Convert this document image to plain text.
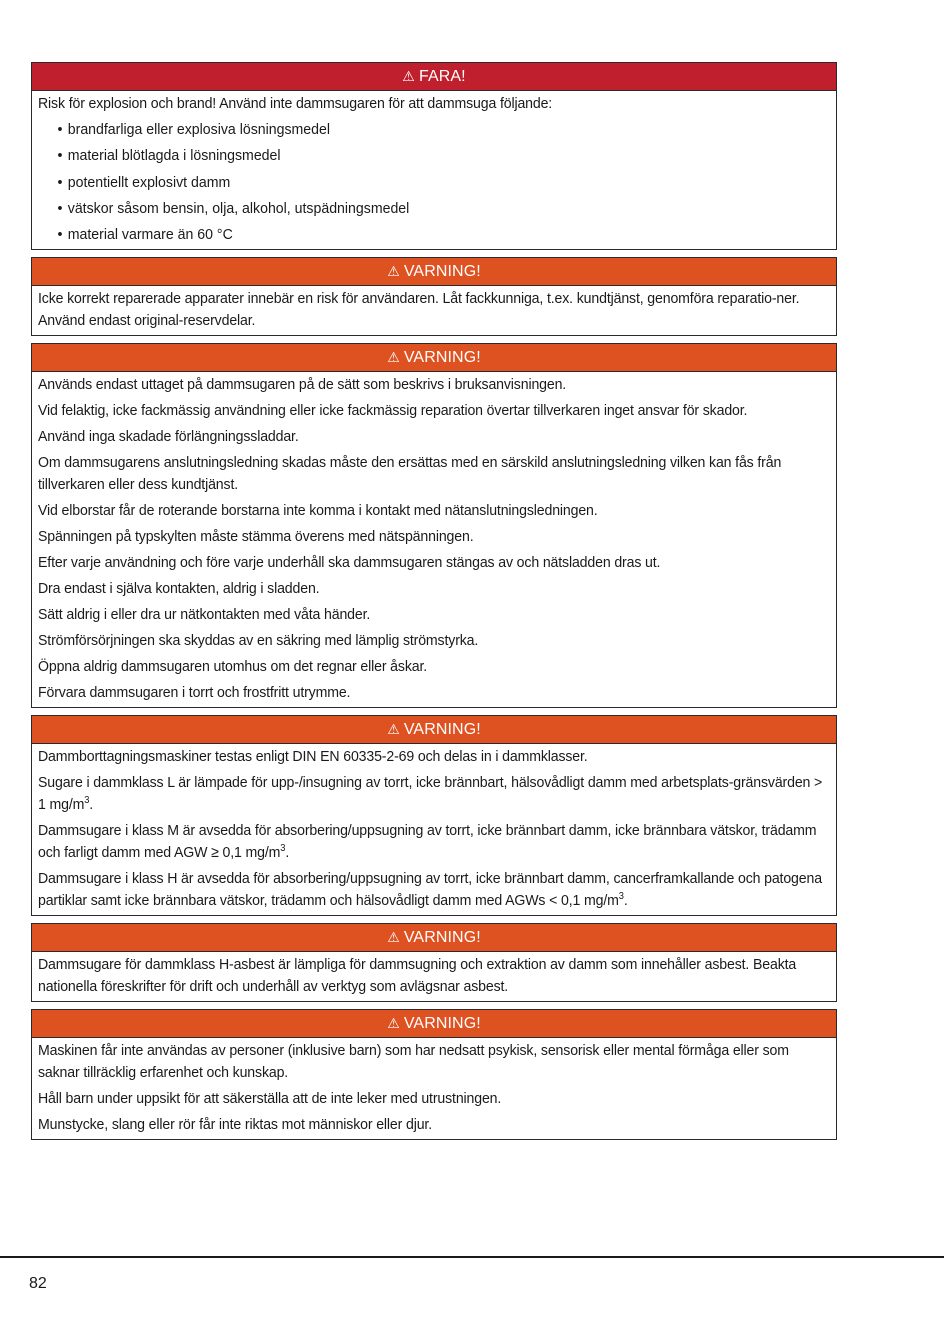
⚠ FARA!

Risk för explosion och brand! Använd inte dammsugaren för att dammsuga följande:

• brandfarliga eller explosiva lösningsmedel
• material blötlagda i lösningsmedel
• potentiellt explosivt damm
• vätskor såsom bensin, olja, alkohol, utspädningsmedel
• material varmare än 60 °C
⚠ VARNING!

Icke korrekt reparerade apparater innebär en risk för användaren. Låt fackkunniga, t.ex. kundtjänst, genomföra reparatio-ner. Använd endast original-reservdelar.

⚠ VARNING!

Används endast uttaget på dammsugaren på de sätt som beskrivs i bruksanvisningen.

Vid felaktig, icke fackmässig användning eller icke fackmässig reparation övertar tillverkaren inget ansvar för skador.

Använd inga skadade förlängningssladdar.

Om dammsugarens anslutningsledning skadas måste den ersättas med en särskild anslutningsledning vilken kan fås från tillverkaren eller dess kundtjänst.

Vid elborstar får de roterande borstarna inte komma i kontakt med nätanslutningsledningen.

Spänningen på typskylten måste stämma överens med nätspänningen.

Efter varje användning och före varje underhåll ska dammsugaren stängas av och nätsladden dras ut.

Dra endast i själva kontakten, aldrig i sladden.

Sätt aldrig i eller dra ur nätkontakten med våta händer.

Strömförsörjningen ska skyddas av en säkring med lämplig strömstyrka.

Öppna aldrig dammsugaren utomhus om det regnar eller åskar.

Förvara dammsugaren i torrt och frostfritt utrymme.

⚠ VARNING!

Dammborttagningsmaskiner testas enligt DIN EN 60335-2-69 och delas in i dammklasser.

Sugare i dammklass L är lämpade för upp-/insugning av torrt, icke brännbart, hälsovådligt damm med arbetsplats-gränsvärden > 1 $mg/m^3$.

Dammsugare i klass M är avsedda för absorbering/uppsugning av torrt, icke brännbart damm, icke brännbara vätskor, trädamm och farligt damm med AGW ≥ 0,1 $mg/m^3$.

Dammsugare i klass H är avsedda för absorbering/uppsugning av torrt, icke brännbart damm, cancerframkallande och patogena partiklar samt icke brännbara vätskor, trädamm och hälsovådligt damm med AGWs < 0,1 $mg/m^3$.

⚠ VARNING!

Dammsugare för dammklass H-asbest är lämpliga för dammsugning och extraktion av damm som innehåller asbest. Beakta nationella föreskrifter för drift och underhåll av verktyg som avlägsnar asbest.

⚠ VARNING!

Maskinen får inte användas av personer (inklusive barn) som har nedsatt psykisk, sensorisk eller mental förmåga eller som saknar tillräcklig erfarenhet och kunskap.

Håll barn under uppsikt för att säkerställa att de inte leker med utrustningen.

Munstycke, slang eller rör får inte riktas mot människor eller djur.

82
